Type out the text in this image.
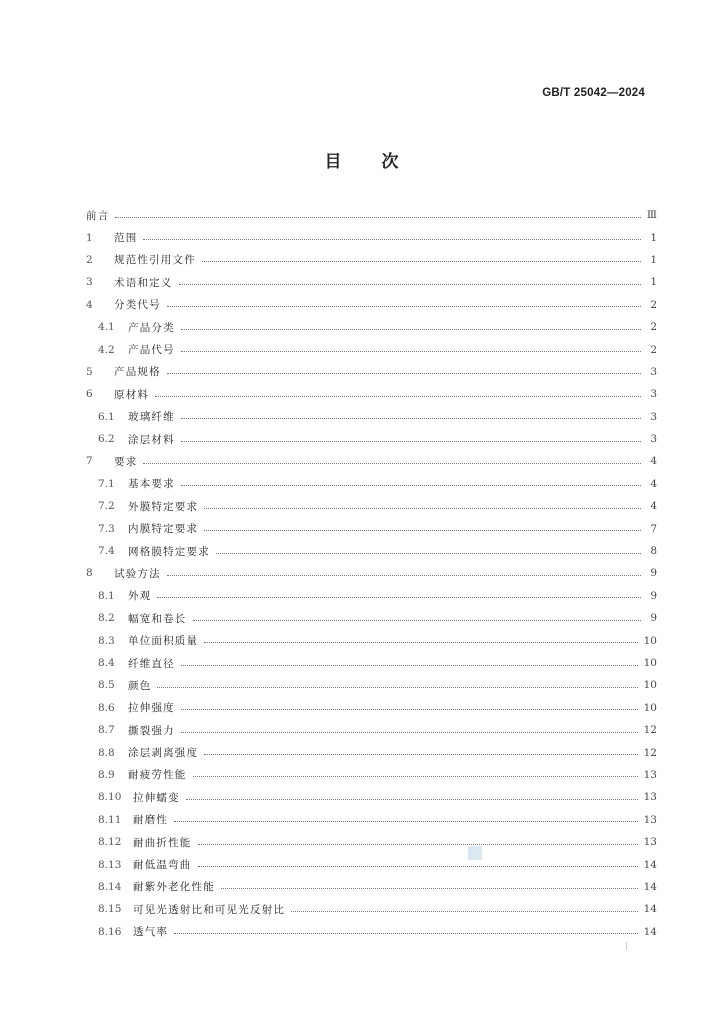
GB/T 25042—2024
目 次
前言	Ⅲ
1	范围	1
2	规范性引用文件	1
3	术语和定义	1
4	分类代号	2
4.1	产品分类	2
4.2	产品代号	2
5	产品规格	3
6	原材料	3
6.1	玻璃纤维	3
6.2	涂层材料	3
7	要求	4
7.1	基本要求	4
7.2	外膜特定要求	4
7.3	内膜特定要求	7
7.4	网格膜特定要求	8
8	试验方法	9
8.1	外观	9
8.2	幅宽和卷长	9
8.3	单位面积质量	10
8.4	纤维直径	10
8.5	颜色	10
8.6	拉伸强度	10
8.7	撕裂强力	12
8.8	涂层剥离强度	12
8.9	耐疲劳性能	13
8.10	拉伸蠕变	13
8.11	耐磨性	13
8.12	耐曲折性能	13
8.13	耐低温弯曲	14
8.14	耐紫外老化性能	14
8.15	可见光透射比和可见光反射比	14
8.16	透气率	14
